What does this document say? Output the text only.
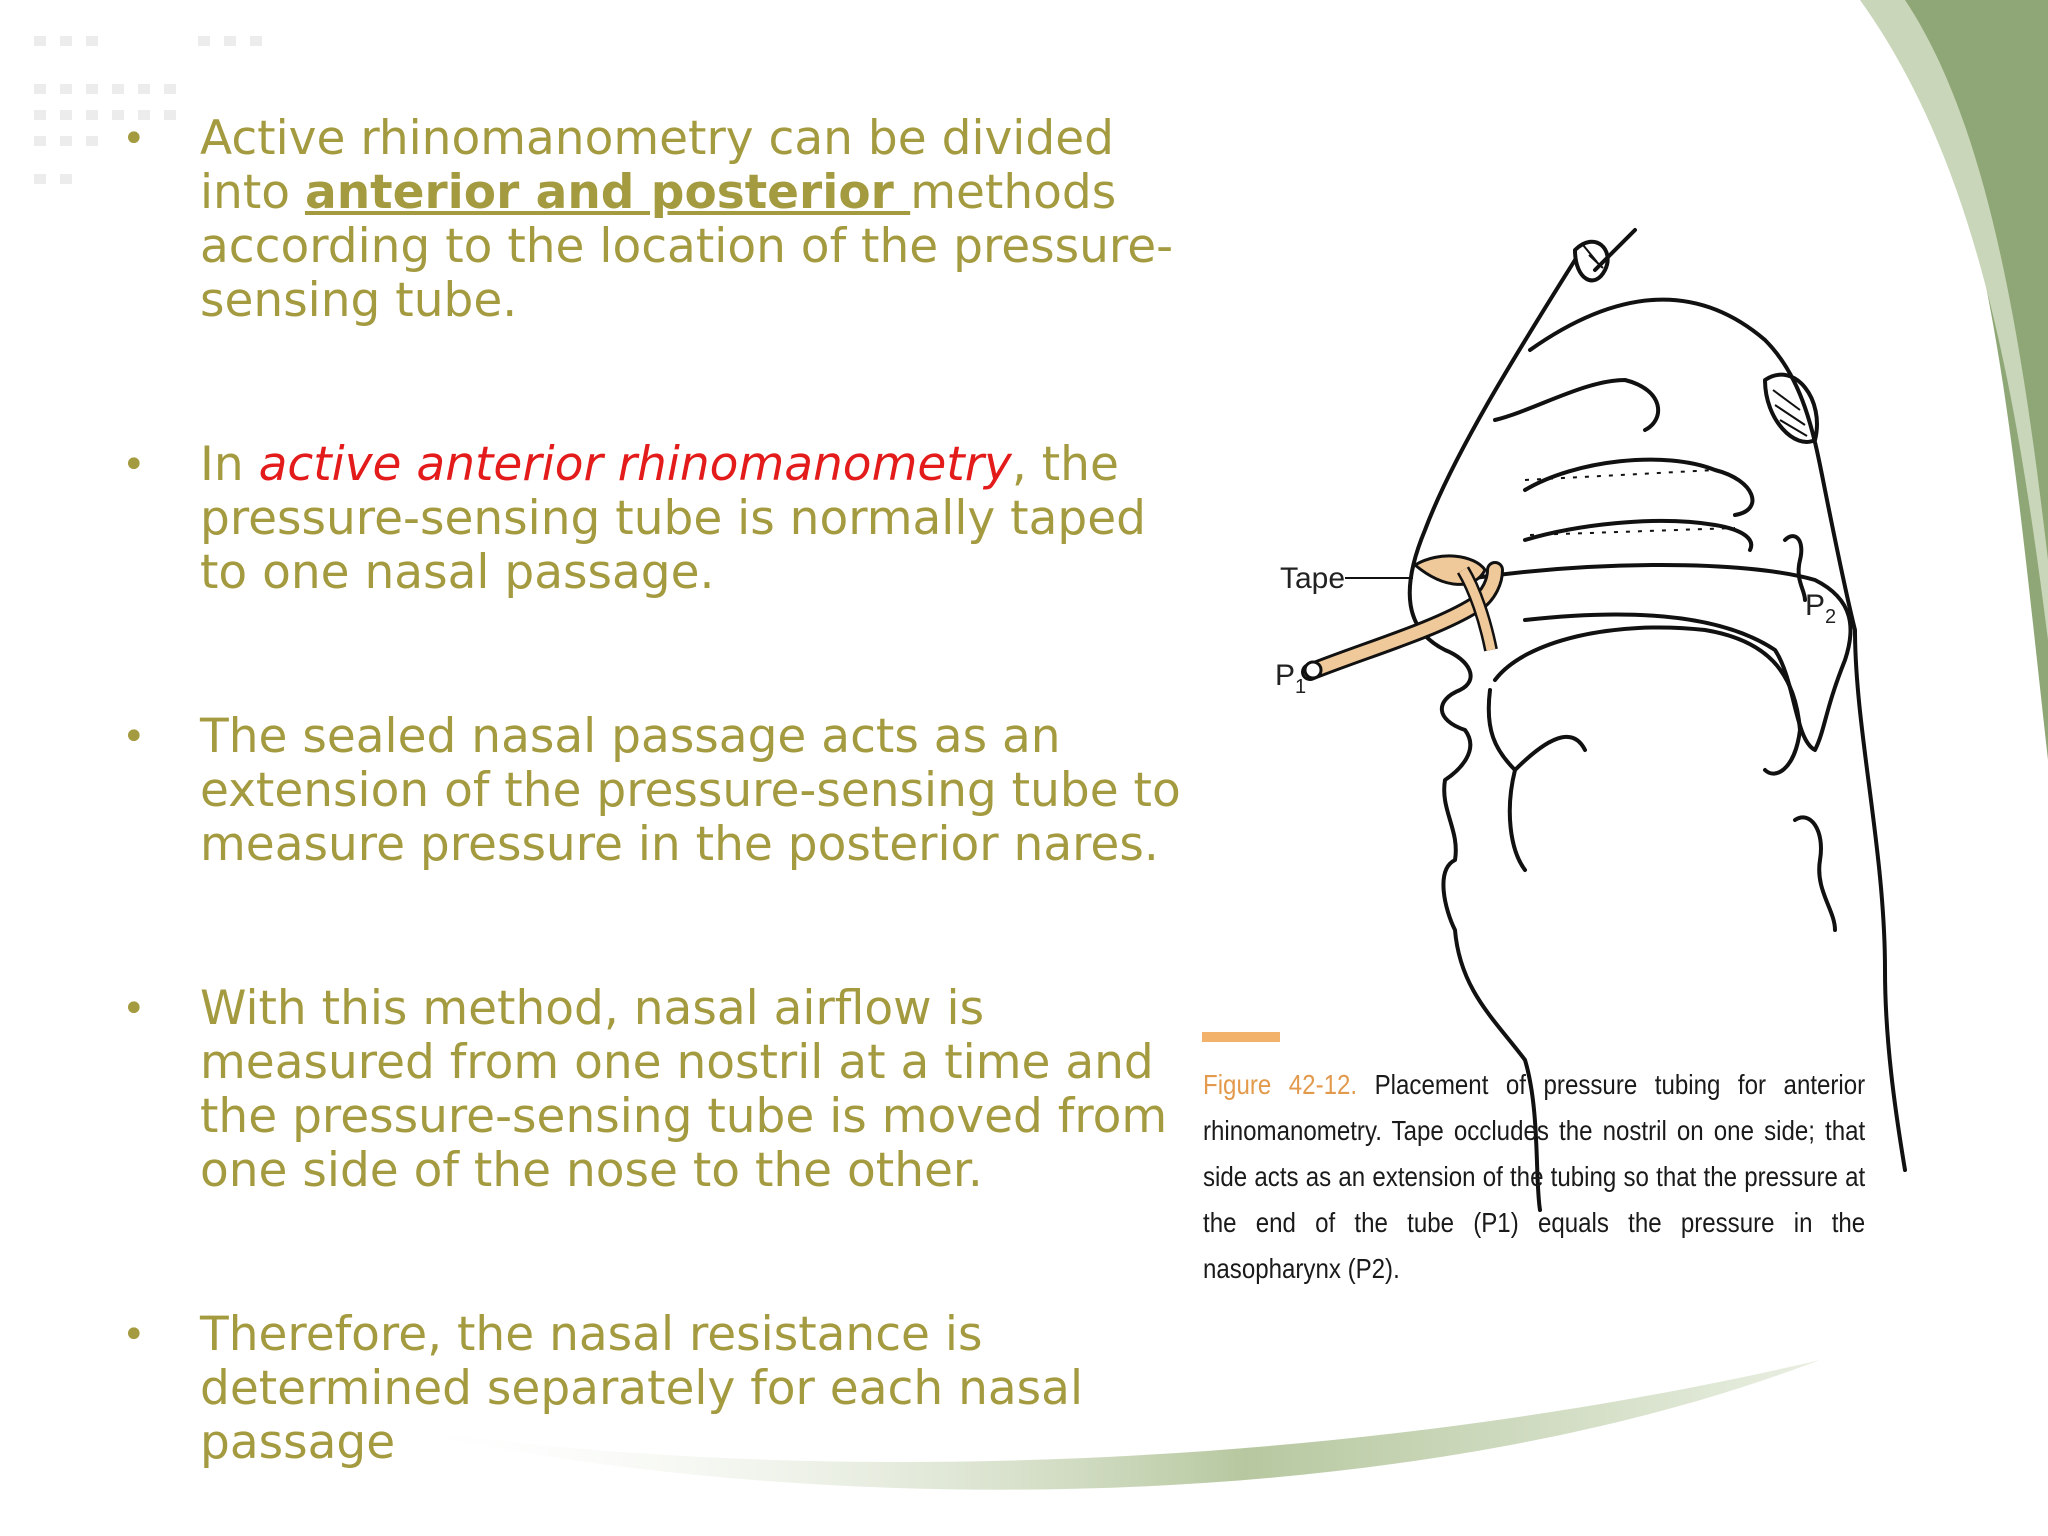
• Active rhinomanometry can be divided into anterior and posterior methods according to the location of the pressure-sensing tube.
• In active anterior rhinomanometry, the pressure-sensing tube is normally taped to one nasal passage.
• The sealed nasal passage acts as an extension of the pressure-sensing tube to measure pressure in the posterior nares.
• With this method, nasal airflow is measured from one nostril at a time and the pressure-sensing tube is moved from one side of the nose to the other.
• Therefore, the nasal resistance is determined separately for each nasal passage
Tape
$P_1$
$P_2$
Figure 42-12. Placement of pressure tubing for anterior rhinomanometry. Tape occludes the nostril on one side; that side acts as an extension of the tubing so that the pressure at the end of the tube (P1) equals the pressure in the nasopharynx (P2).
